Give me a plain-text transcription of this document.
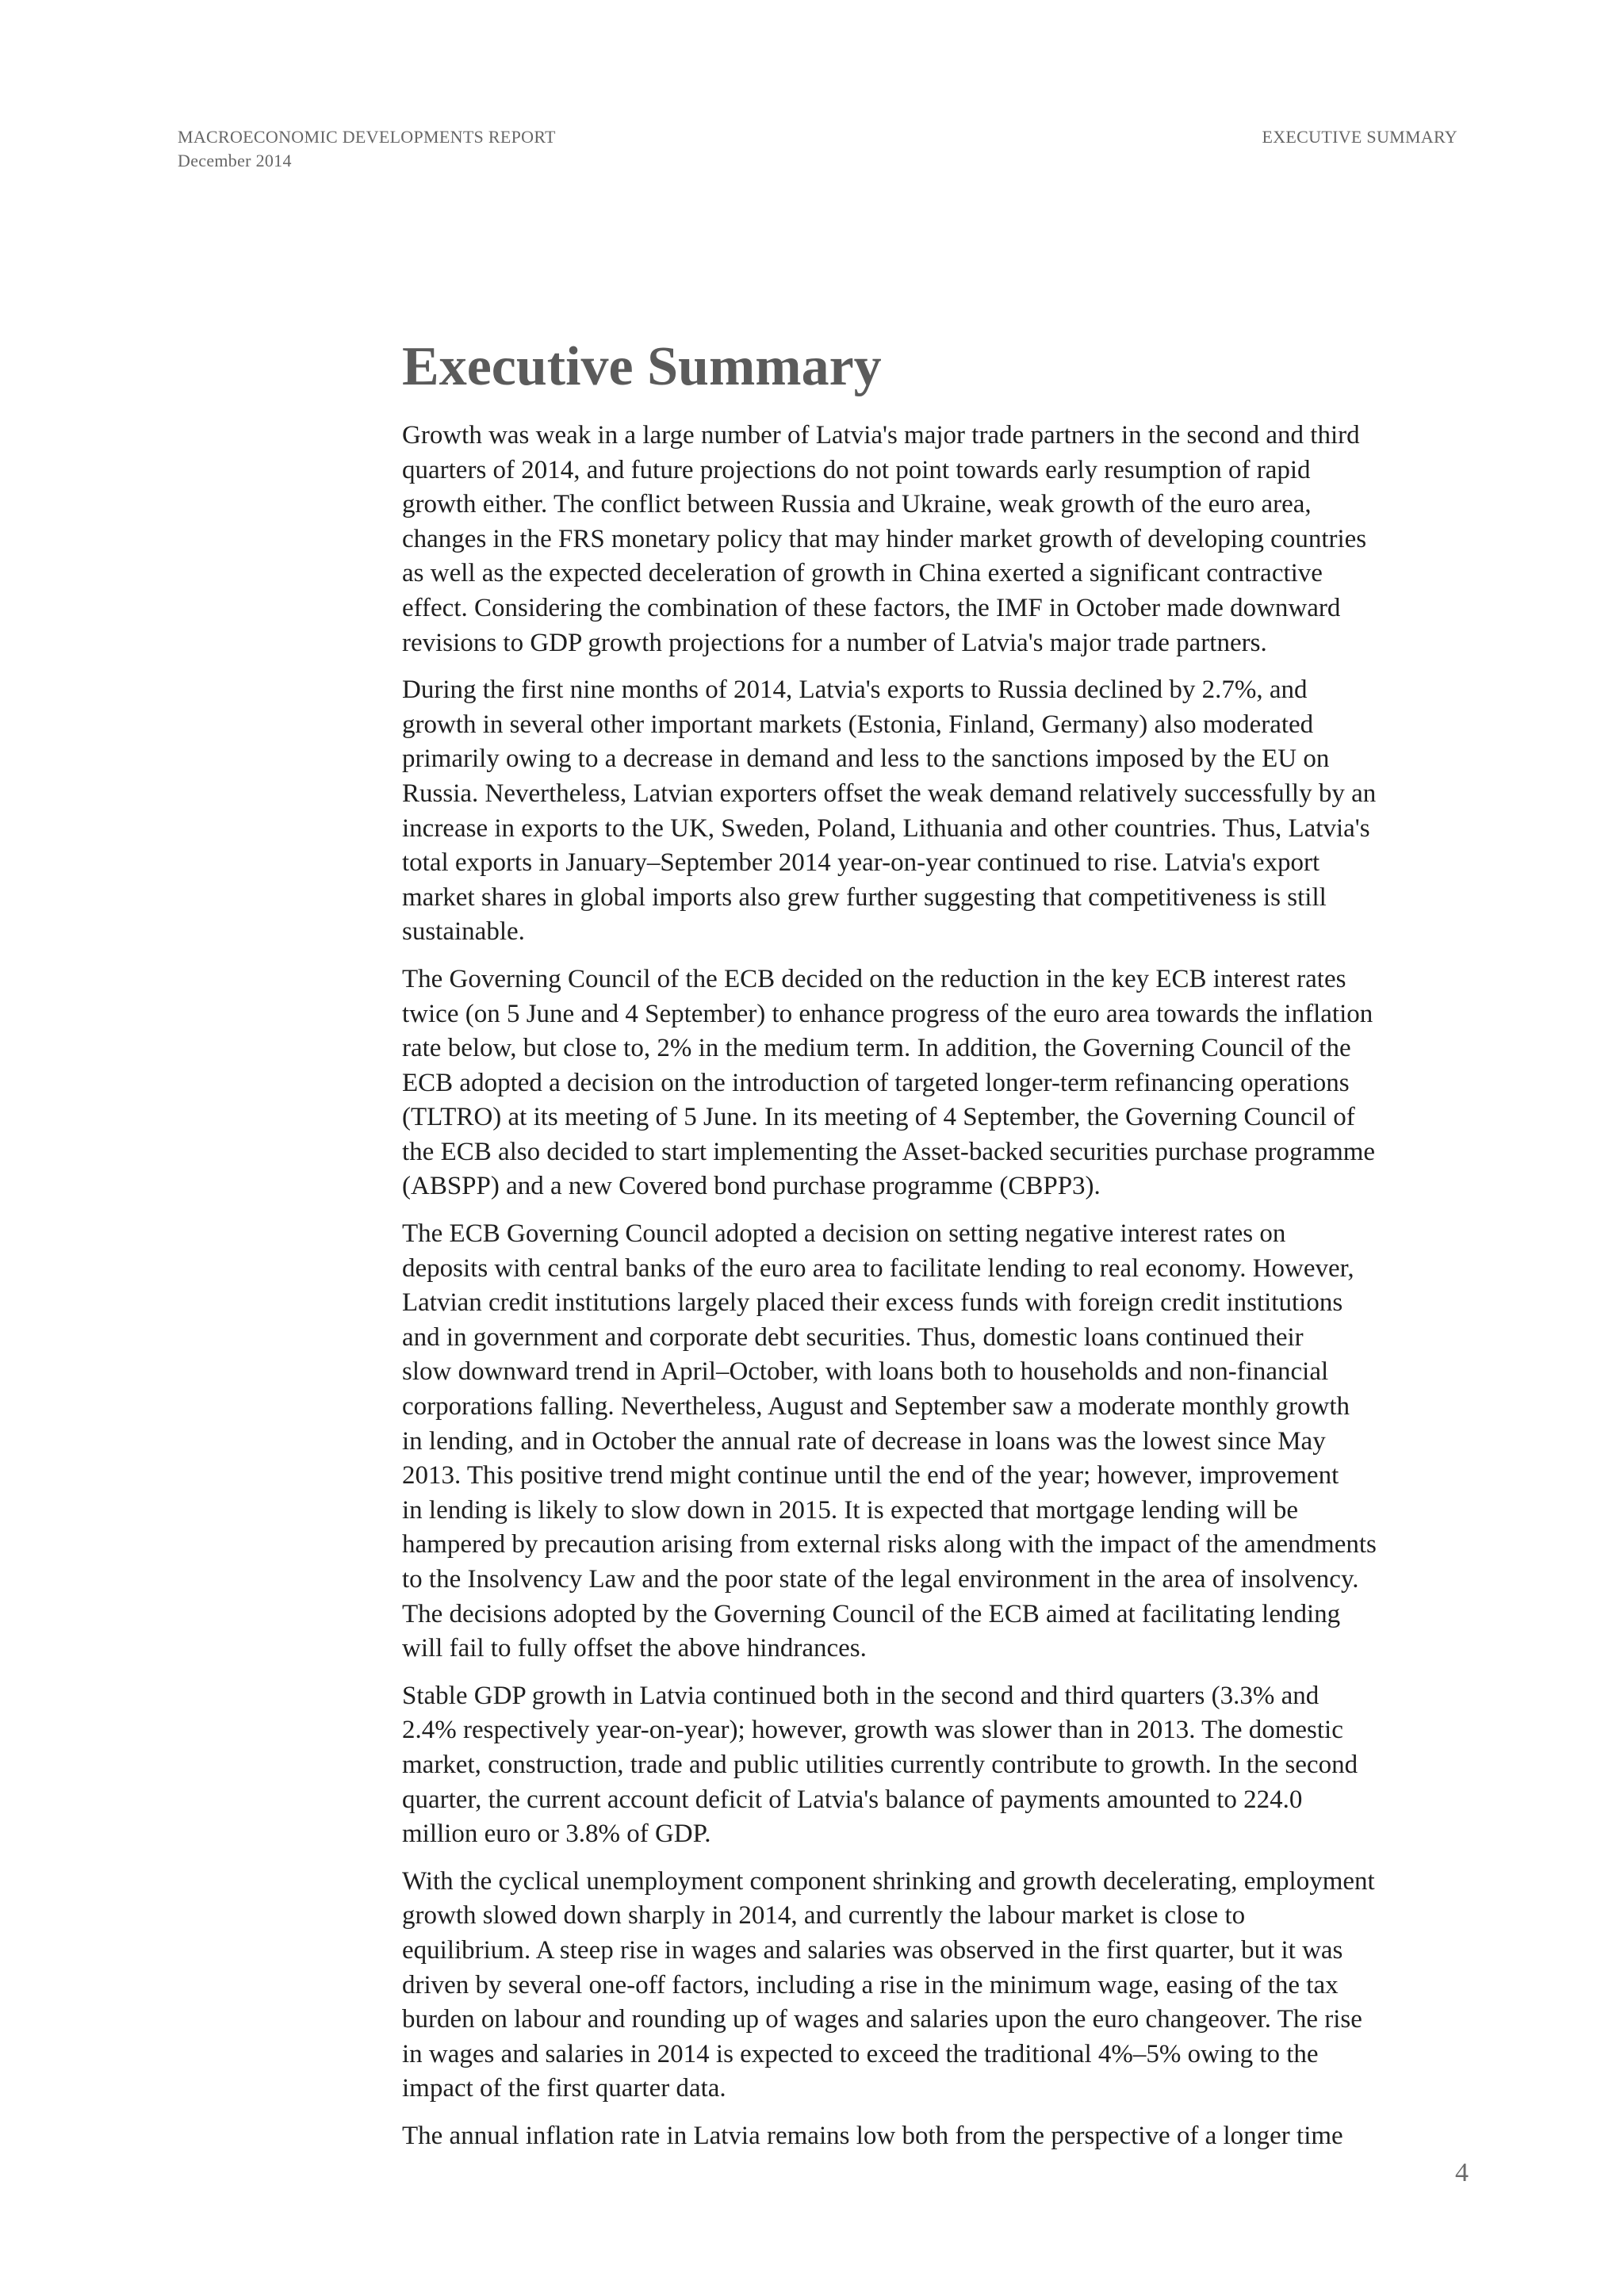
MACROECONOMIC DEVELOPMENTS REPORT
December 2014
EXECUTIVE SUMMARY
Executive Summary

Growth was weak in a large number of Latvia's major trade partners in the second and third
quarters of 2014, and future projections do not point towards early resumption of rapid
growth either. The conflict between Russia and Ukraine, weak growth of the euro area,
changes in the FRS monetary policy that may hinder market growth of developing countries
as well as the expected deceleration of growth in China exerted a significant contractive
effect. Considering the combination of these factors, the IMF in October made downward
revisions to GDP growth projections for a number of Latvia's major trade partners.

During the first nine months of 2014, Latvia's exports to Russia declined by 2.7%, and
growth in several other important markets (Estonia, Finland, Germany) also moderated
primarily owing to a decrease in demand and less to the sanctions imposed by the EU on
Russia. Nevertheless, Latvian exporters offset the weak demand relatively successfully by an
increase in exports to the UK, Sweden, Poland, Lithuania and other countries. Thus, Latvia's
total exports in January–September 2014 year-on-year continued to rise. Latvia's export
market shares in global imports also grew further suggesting that competitiveness is still
sustainable.

The Governing Council of the ECB decided on the reduction in the key ECB interest rates
twice (on 5 June and 4 September) to enhance progress of the euro area towards the inflation
rate below, but close to, 2% in the medium term. In addition, the Governing Council of the
ECB adopted a decision on the introduction of targeted longer-term refinancing operations
(TLTRO) at its meeting of 5 June. In its meeting of 4 September, the Governing Council of
the ECB also decided to start implementing the Asset-backed securities purchase programme
(ABSPP) and a new Covered bond purchase programme (CBPP3).

The ECB Governing Council adopted a decision on setting negative interest rates on
deposits with central banks of the euro area to facilitate lending to real economy. However,
Latvian credit institutions largely placed their excess funds with foreign credit institutions
and in government and corporate debt securities. Thus, domestic loans continued their
slow downward trend in April–October, with loans both to households and non-financial
corporations falling. Nevertheless, August and September saw a moderate monthly growth
in lending, and in October the annual rate of decrease in loans was the lowest since May
2013. This positive trend might continue until the end of the year; however, improvement
in lending is likely to slow down in 2015. It is expected that mortgage lending will be
hampered by precaution arising from external risks along with the impact of the amendments
to the Insolvency Law and the poor state of the legal environment in the area of insolvency.
The decisions adopted by the Governing Council of the ECB aimed at facilitating lending
will fail to fully offset the above hindrances.

Stable GDP growth in Latvia continued both in the second and third quarters (3.3% and
2.4% respectively year-on-year); however, growth was slower than in 2013. The domestic
market, construction, trade and public utilities currently contribute to growth. In the second
quarter, the current account deficit of Latvia's balance of payments amounted to 224.0
million euro or 3.8% of GDP.

With the cyclical unemployment component shrinking and growth decelerating, employment
growth slowed down sharply in 2014, and currently the labour market is close to
equilibrium. A steep rise in wages and salaries was observed in the first quarter, but it was
driven by several one-off factors, including a rise in the minimum wage, easing of the tax
burden on labour and rounding up of wages and salaries upon the euro changeover. The rise
in wages and salaries in 2014 is expected to exceed the traditional 4%–5% owing to the
impact of the first quarter data.

The annual inflation rate in Latvia remains low both from the perspective of a longer time

4
